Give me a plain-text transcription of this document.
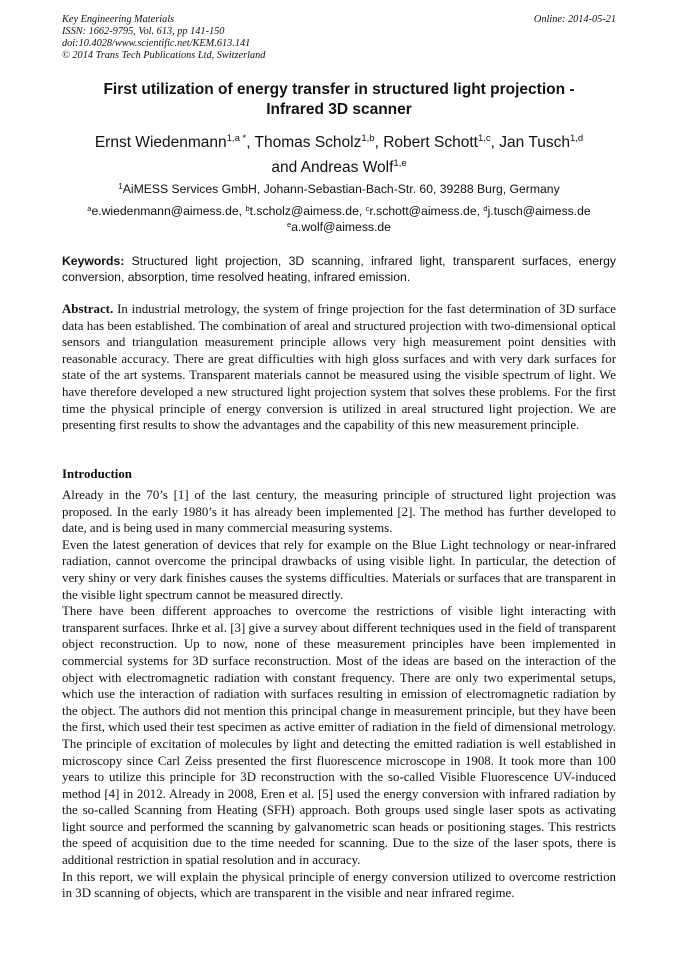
Key Engineering Materials
ISSN: 1662-9795, Vol. 613, pp 141-150
doi:10.4028/www.scientific.net/KEM.613.141
© 2014 Trans Tech Publications Ltd, Switzerland
Online: 2014-05-21
First utilization of energy transfer in structured light projection -
Infrared 3D scanner
Ernst Wiedenmann$^{1,a *}$, Thomas Scholz$^{1,b}$, Robert Schott$^{1,c}$, Jan Tusch$^{1,d}$
and Andreas Wolf$^{1,e}$
$^1$AiMESS Services GmbH, Johann-Sebastian-Bach-Str. 60, 39288 Burg, Germany
$^a$e.wiedenmann@aimess.de, $^b$t.scholz@aimess.de, $^c$r.schott@aimess.de, $^d$j.tusch@aimess.de
$^e$a.wolf@aimess.de
Keywords: Structured light projection, 3D scanning, infrared light, transparent surfaces, energy conversion, absorption, time resolved heating, infrared emission.
Abstract. In industrial metrology, the system of fringe projection for the fast determination of 3D surface data has been established. The combination of areal and structured projection with two-dimensional optical sensors and triangulation measurement principle allows very high measurement point densities with reasonable accuracy. There are great difficulties with high gloss surfaces and with very dark surfaces for state of the art systems. Transparent materials cannot be measured using the visible spectrum of light. We have therefore developed a new structured light projection system that solves these problems. For the first time the physical principle of energy conversion is utilized in areal structured light projection. We are presenting first results to show the advantages and the capability of this new measurement principle.
Introduction

Already in the 70’s [1] of the last century, the measuring principle of structured light projection was proposed. In the early 1980’s it has already been implemented [2]. The method has further developed to date, and is being used in many commercial measuring systems.

Even the latest generation of devices that rely for example on the Blue Light technology or near-infrared radiation, cannot overcome the principal drawbacks of using visible light. In particular, the detection of very shiny or very dark finishes causes the systems difficulties. Materials or surfaces that are transparent in the visible light spectrum cannot be measured directly.

There have been different approaches to overcome the restrictions of visible light interacting with transparent surfaces. Ihrke et al. [3] give a survey about different techniques used in the field of transparent object reconstruction. Up to now, none of these measurement principles have been implemented in commercial systems for 3D surface reconstruction. Most of the ideas are based on the interaction of the object with electromagnetic radiation with constant frequency. There are only two experimental setups, which use the interaction of radiation with surfaces resulting in emission of electromagnetic radiation by the object. The authors did not mention this principal change in measurement principle, but they have been the first, which used their test specimen as active emitter of radiation in the field of dimensional metrology. The principle of excitation of molecules by light and detecting the emitted radiation is well established in microscopy since Carl Zeiss presented the first fluorescence microscope in 1908. It took more than 100 years to utilize this principle for 3D reconstruction with the so-called Visible Fluorescence UV-induced method [4] in 2012. Already in 2008, Eren et al. [5] used the energy conversion with infrared radiation by the so-called Scanning from Heating (SFH) approach. Both groups used single laser spots as activating light source and performed the scanning by galvanometric scan heads or positioning stages. This restricts the speed of acquisition due to the time needed for scanning. Due to the size of the laser spots, there is additional restriction in spatial resolution and in accuracy.

In this report, we will explain the physical principle of energy conversion utilized to overcome restriction in 3D scanning of objects, which are transparent in the visible and near infrared regime.
